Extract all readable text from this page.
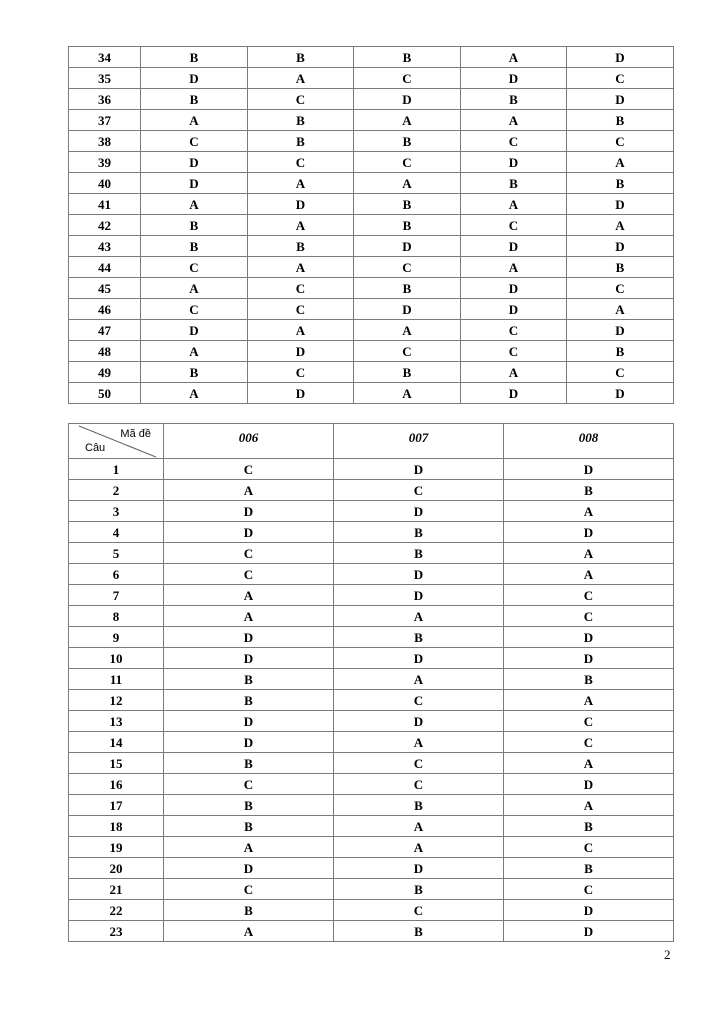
34	B	B	B	A	D
35	D	A	C	D	C
36	B	C	D	B	D
37	A	B	A	A	B
38	C	B	B	C	C
39	D	C	C	D	A
40	D	A	A	B	B
41	A	D	B	A	D
42	B	A	B	C	A
43	B	B	D	D	D
44	C	A	C	A	B
45	A	C	B	D	C
46	C	C	D	D	A
47	D	A	A	C	D
48	A	D	C	C	B
49	B	C	B	A	C
50	A	D	A	D	D
Mã đề
Câu	006	007	008
1	C	D	D
2	A	C	B
3	D	D	A
4	D	B	D
5	C	B	A
6	C	D	A
7	A	D	C
8	A	A	C
9	D	B	D
10	D	D	D
11	B	A	B
12	B	C	A
13	D	D	C
14	D	A	C
15	B	C	A
16	C	C	D
17	B	B	A
18	B	A	B
19	A	A	C
20	D	D	B
21	C	B	C
22	B	C	D
23	A	B	D
2
